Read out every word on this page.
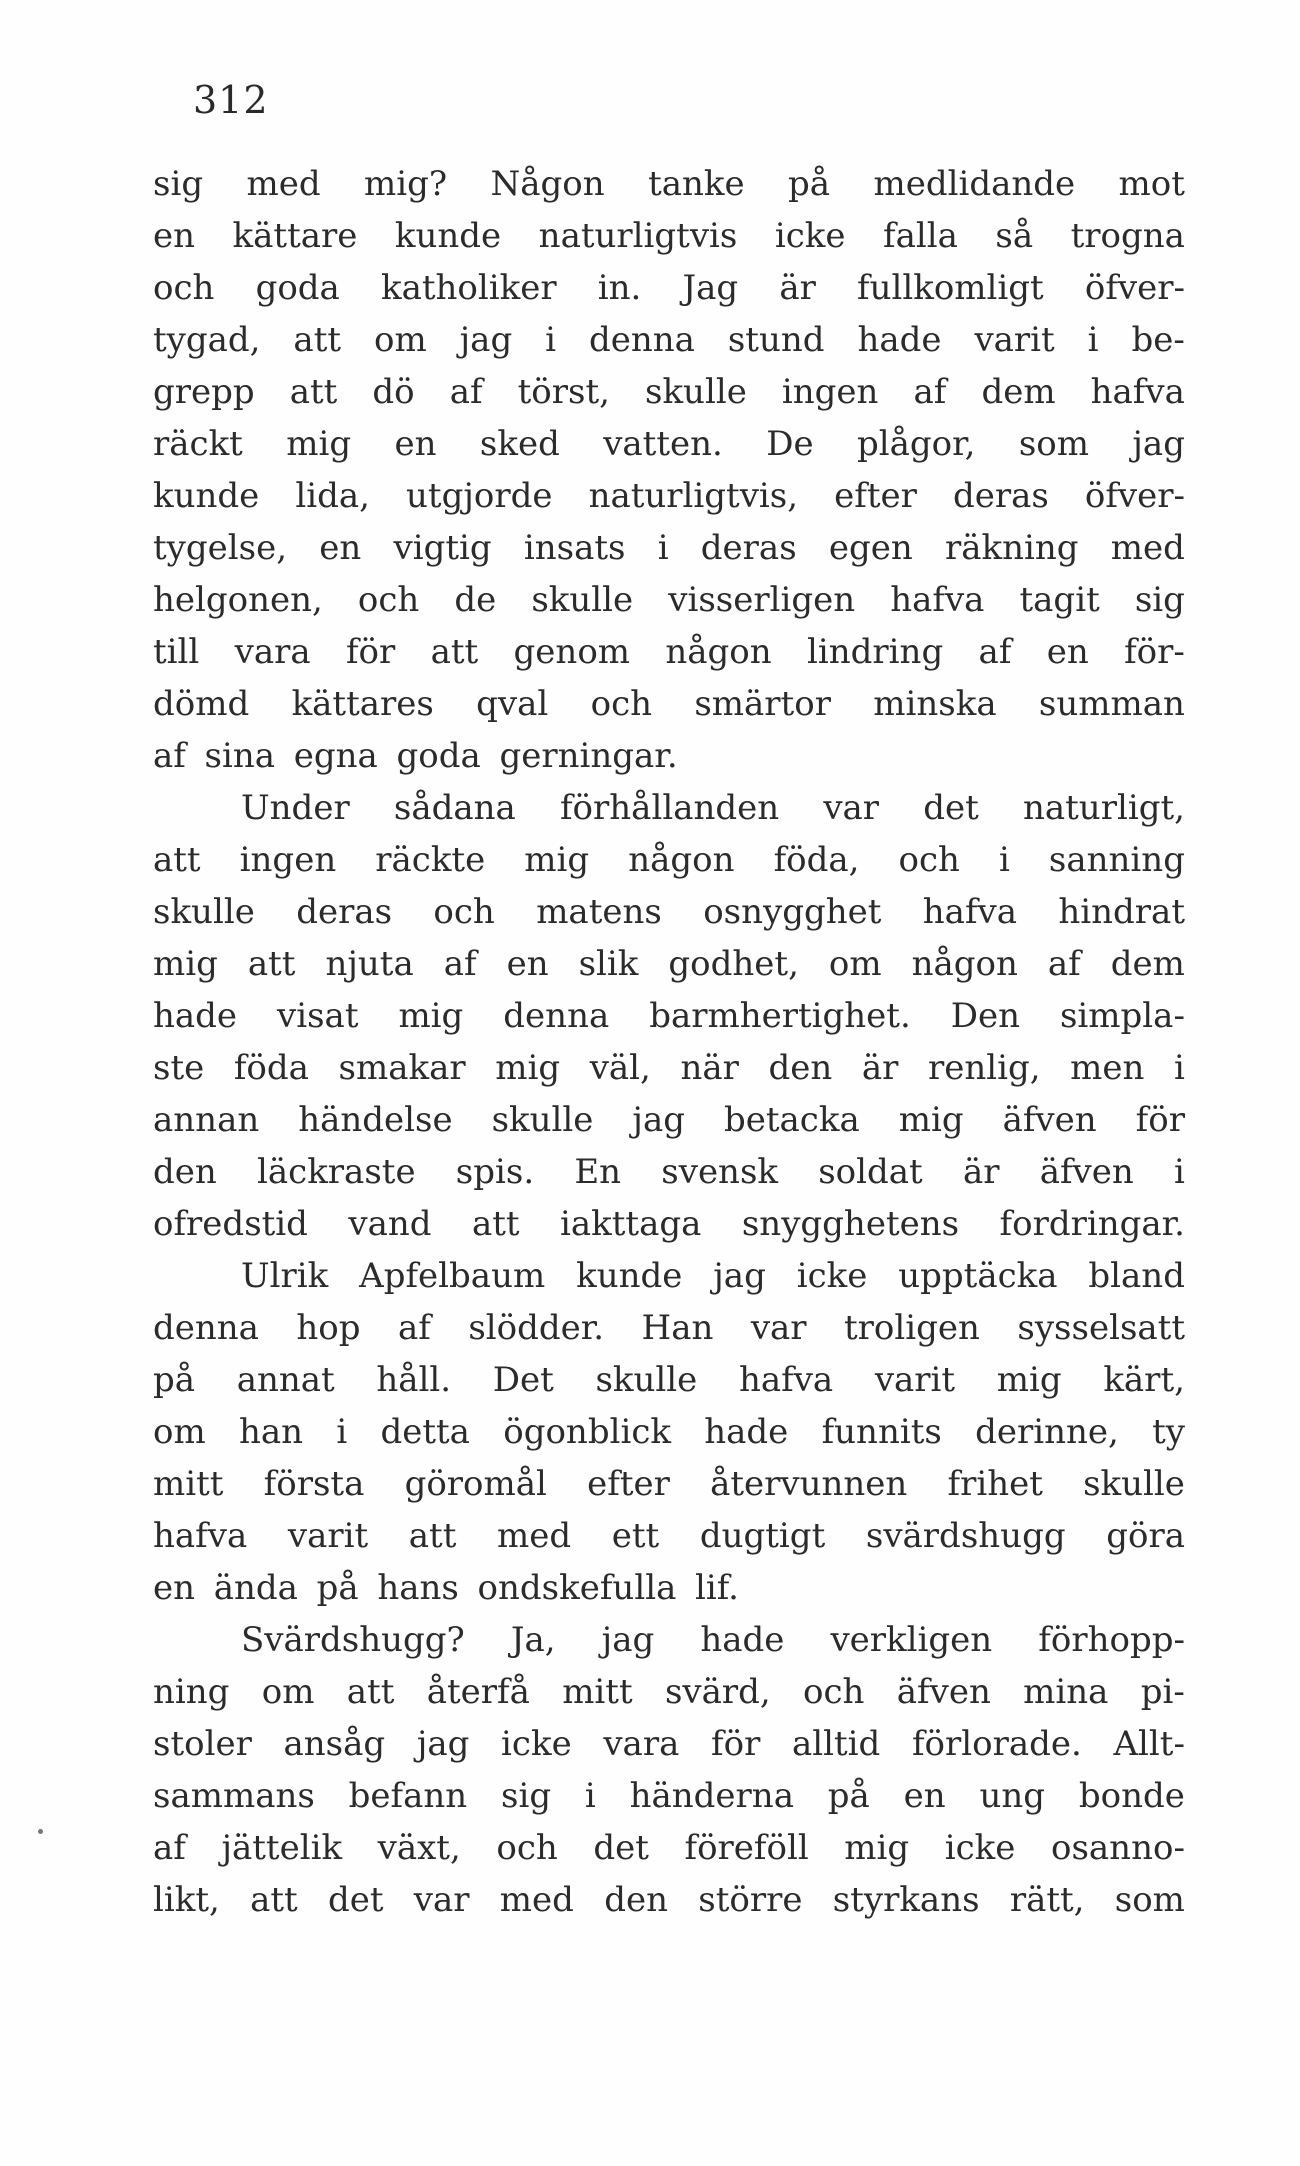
312

sig med mig? Någon tanke på medlidande mot
en kättare kunde naturligtvis icke falla så trogna
och goda katholiker in. Jag är fullkomligt öfver-
tygad, att om jag i denna stund hade varit i be-
grepp att dö af törst, skulle ingen af dem hafva
räckt mig en sked vatten. De plågor, som jag
kunde lida, utgjorde naturligtvis, efter deras öfver-
tygelse, en vigtig insats i deras egen räkning med
helgonen, och de skulle visserligen hafva tagit sig
till vara för att genom någon lindring af en för-
dömd kättares qval och smärtor minska summan
af sina egna goda gerningar.
Under sådana förhållanden var det naturligt,
att ingen räckte mig någon föda, och i sanning
skulle deras och matens osnygghet hafva hindrat
mig att njuta af en slik godhet, om någon af dem
hade visat mig denna barmhertighet. Den simpla-
ste föda smakar mig väl, när den är renlig, men i
annan händelse skulle jag betacka mig äfven för
den läckraste spis. En svensk soldat är äfven i
ofredstid vand att iakttaga snygghetens fordringar.
Ulrik Apfelbaum kunde jag icke upptäcka bland
denna hop af slödder. Han var troligen sysselsatt
på annat håll. Det skulle hafva varit mig kärt,
om han i detta ögonblick hade funnits derinne, ty
mitt första göromål efter återvunnen frihet skulle
hafva varit att med ett dugtigt svärdshugg göra
en ända på hans ondskefulla lif.
Svärdshugg? Ja, jag hade verkligen förhopp-
ning om att återfå mitt svärd, och äfven mina pi-
stoler ansåg jag icke vara för alltid förlorade. Allt-
sammans befann sig i händerna på en ung bonde
af jättelik växt, och det föreföll mig icke osanno-
likt, att det var med den större styrkans rätt, som
